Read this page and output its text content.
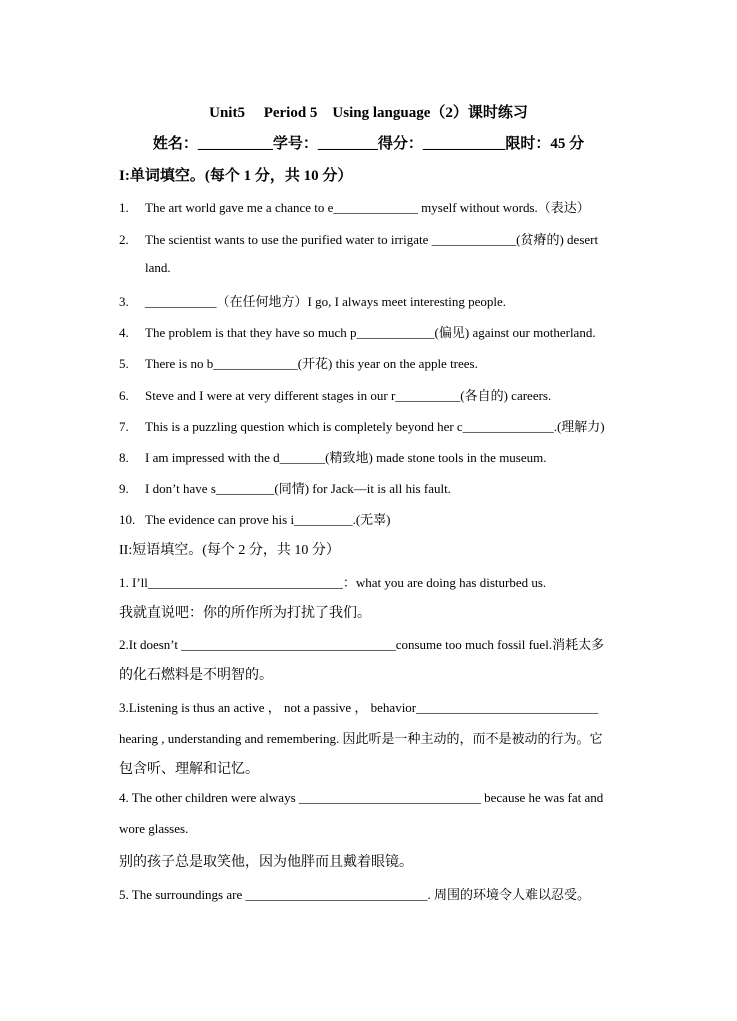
Unit5     Period 5    Using language（2）课时练习
姓名：__________学号：________得分：___________限时：45 分
I:单词填空。(每个 1 分，共 10 分）
1. The art world gave me a chance to e_____________ myself without words.（表达）
2. The scientist wants to use the purified water to irrigate _____________(贫瘠的) desert
land.
3. ___________（在任何地方）I go, I always meet interesting people.
4. The problem is that they have so much p____________(偏见) against our motherland.
5. There is no b_____________(开花) this year on the apple trees.
6. Steve and I were at very different stages in our r__________(各自的) careers.
7. This is a puzzling question which is completely beyond her c______________.(理解力)
8. I am impressed with the d_______(精致地) made stone tools in the museum.
9. I don’t have s_________(同情) for Jack—it is all his fault.
10. The evidence can prove his i_________.(无辜)
II:短语填空。(每个 2 分，共 10 分）
1. I’ll______________________________：what you are doing has disturbed us.
我就直说吧：你的所作所为打扰了我们。
2.It doesn’t _________________________________consume too much fossil fuel.消耗太多
的化石燃料是不明智的。
3.Listening is thus an active ， not a passive ， behavior____________________________
hearing , understanding and remembering. 因此听是一种主动的，而不是被动的行为。它
包含听、理解和记忆。
4. The other children were always ____________________________ because he was fat and
wore glasses.
别的孩子总是取笑他，因为他胖而且戴着眼镜。
5. The surroundings are ____________________________. 周围的环境令人难以忍受。
